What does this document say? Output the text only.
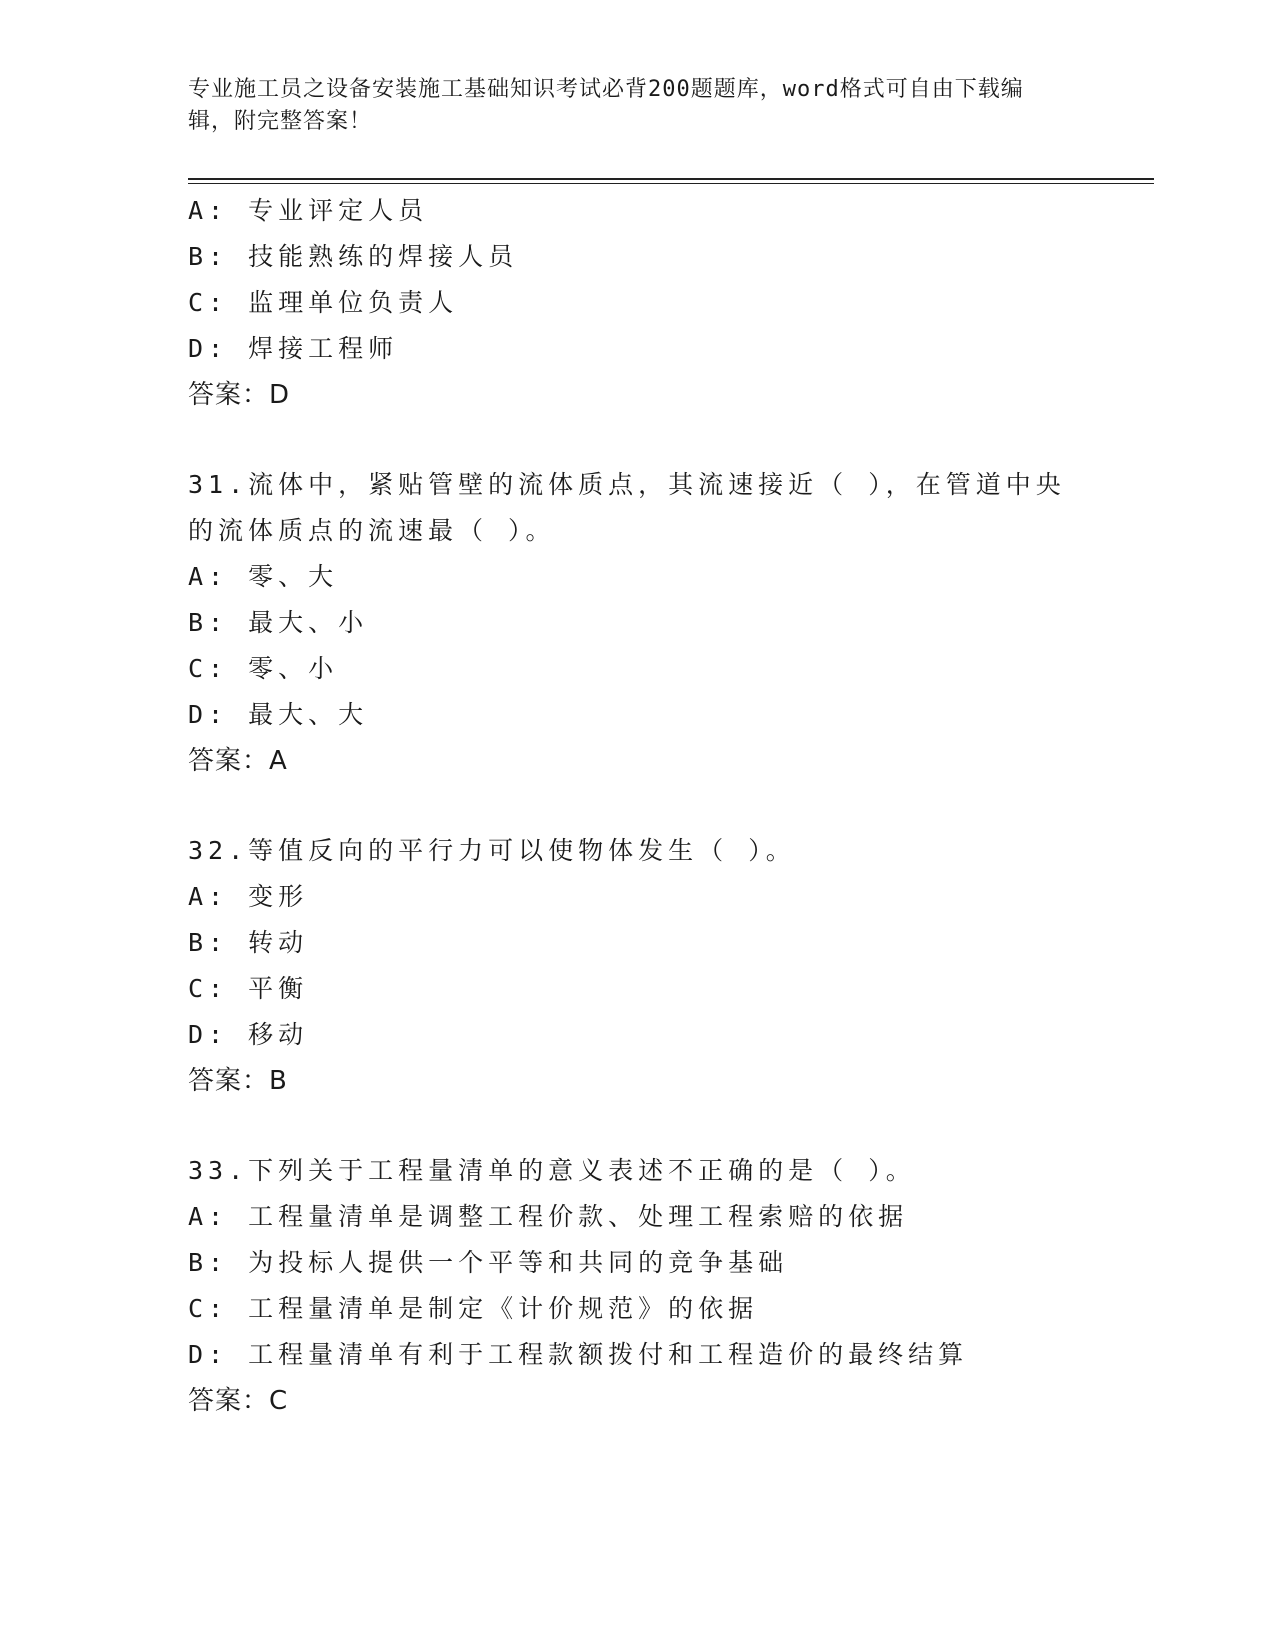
专业施工员之设备安装施工基础知识考试必背200题题库，word格式可自由下载编辑，附完整答案！
A: 专业评定人员
B: 技能熟练的焊接人员
C: 监理单位负责人
D: 焊接工程师
答案：D
31.流体中，紧贴管壁的流体质点，其流速接近（ ），在管道中央的流体质点的流速最（ ）。
A: 零、大
B: 最大、小
C: 零、小
D: 最大、大
答案：A
32.等值反向的平行力可以使物体发生（ ）。
A: 变形
B: 转动
C: 平衡
D: 移动
答案：B
33.下列关于工程量清单的意义表述不正确的是（ ）。
A: 工程量清单是调整工程价款、处理工程索赔的依据
B: 为投标人提供一个平等和共同的竞争基础
C: 工程量清单是制定《计价规范》的依据
D: 工程量清单有利于工程款额拨付和工程造价的最终结算
答案：C
